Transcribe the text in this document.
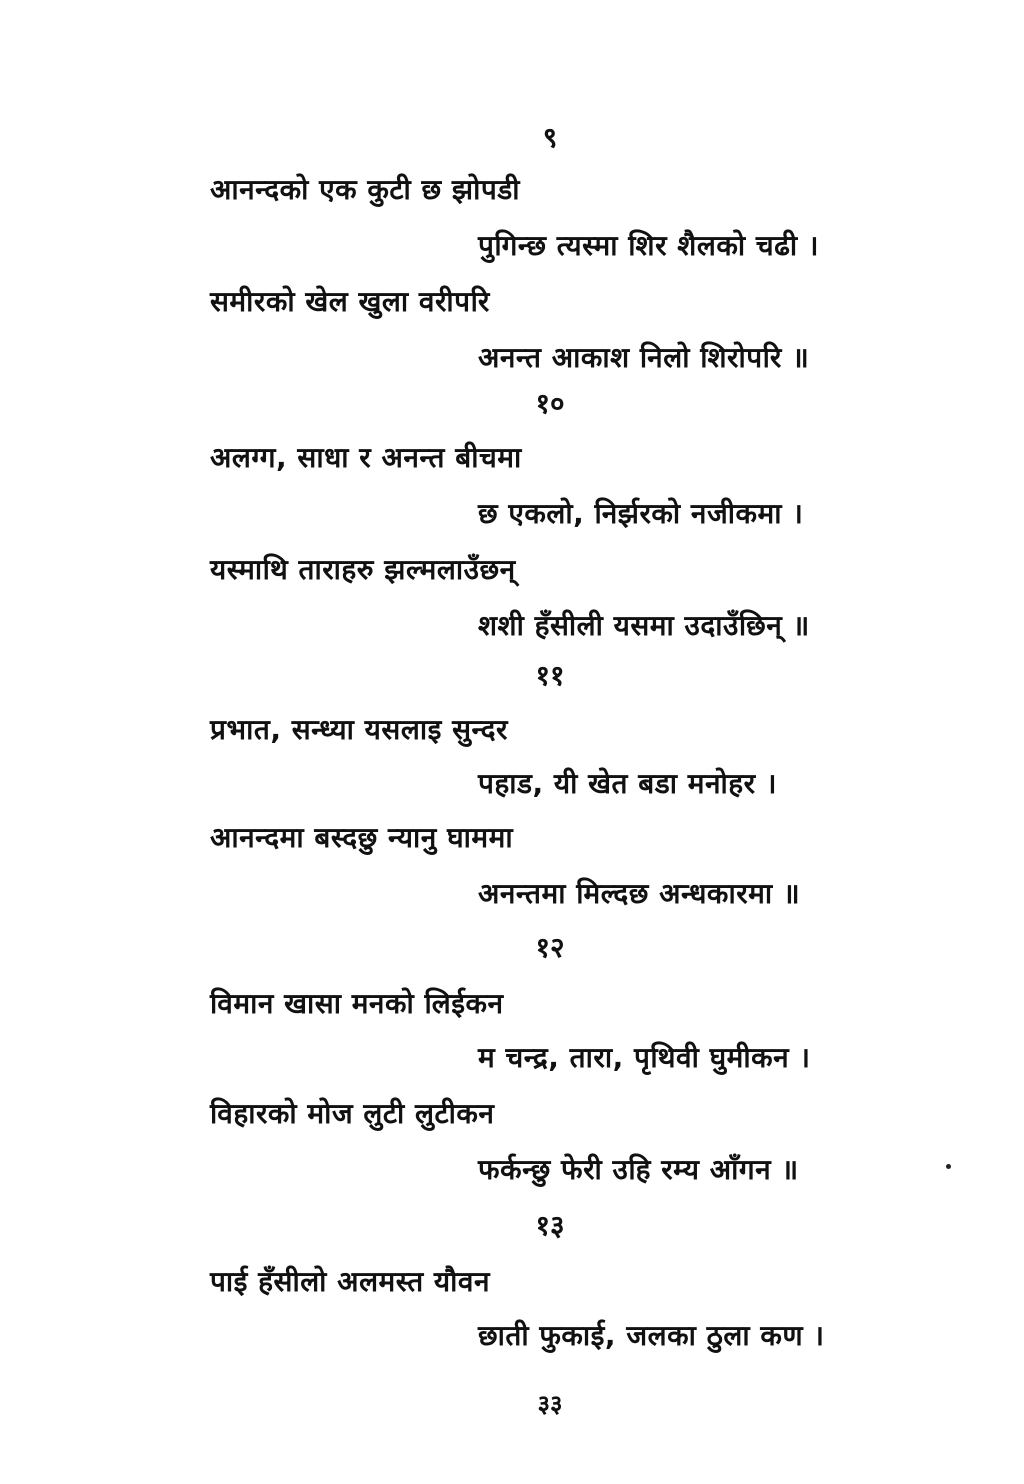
९
आनन्दको एक कुटी छ झोपडी
पुगिन्छ त्यस्मा शिर शैलको चढी ।
समीरको खेल खुला वरीपरि
अनन्त आकाश निलो शिरोपरि ॥
१०
अलग्ग, साधा र अनन्त बीचमा
छ एकलो, निर्झरको नजीकमा ।
यस्माथि ताराहरु झल्मलाउँछन्
शशी हँसीली यसमा उदाउँछिन् ॥
११
प्रभात, सन्ध्या यसलाइ सुन्दर
पहाड, यी खेत बडा मनोहर ।
आनन्दमा बस्दछु न्यानु घाममा
अनन्तमा मिल्दछ अन्धकारमा ॥
१२
विमान खासा मनको लिईकन
म चन्द्र, तारा, पृथिवी घुमीकन ।
विहारको मोज लुटी लुटीकन
फर्कन्छु फेरी उहि रम्य आँगन ॥
१३
पाई हँसीलो अलमस्त यौवन
छाती फुकाई, जलका ठुला कण ।
३३
